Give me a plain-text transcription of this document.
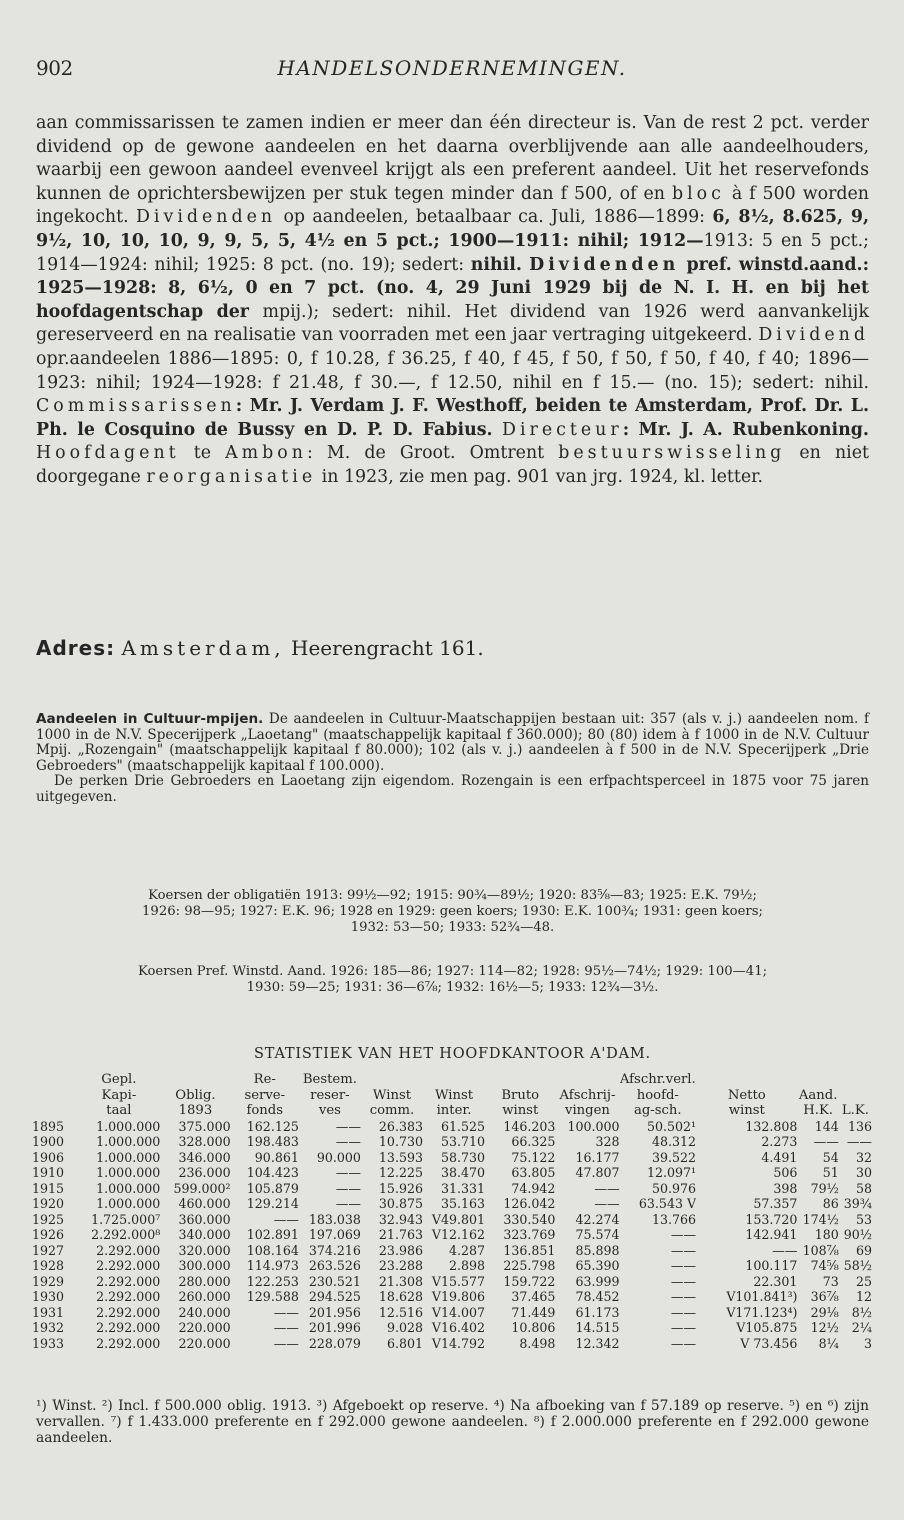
902	HANDELSONDERNEMINGEN.

aan commissarissen te zamen indien er meer dan één directeur is. Van de rest 2 pct. verder dividend op de gewone aandeelen en het daarna overblijvende aan alle aandeelhouders, waarbij een gewoon aandeel evenveel krijgt als een preferent aandeel. Uit het reservefonds kunnen de oprichtersbewijzen per stuk tegen minder dan f 500, of en bloc à f 500 worden ingekocht. Dividenden op aandeelen, betaalbaar ca. Juli, 1886—1899: 6, 8½, 8.625, 9, 9½, 10, 10, 10, 9, 9, 5, 5, 4½ en 5 pct.; 1900—1911: nihil; 1912—1913: 5 en 5 pct.; 1914—1924: nihil; 1925: 8 pct. (no. 19); sedert: nihil. Dividenden pref. winstd.aand.: 1925—1928: 8, 6½, 0 en 7 pct. (no. 4, 29 Juni 1929 bij de N. I. H. en bij het hoofdagentschap der mpij.); sedert: nihil. Het dividend van 1926 werd aanvankelijk gereserveerd en na realisatie van voorraden met een jaar vertraging uitgekeerd. Dividend opr.aandeelen 1886—1895: 0, f 10.28, f 36.25, f 40, f 45, f 50, f 50, f 50, f 40, f 40; 1896—1923: nihil; 1924—1928: f 21.48, f 30.—, f 12.50, nihil en f 15.— (no. 15); sedert: nihil. Commissarissen: Mr. J. Verdam J. F. Westhoff, beiden te Amsterdam, Prof. Dr. L. Ph. le Cosquino de Bussy en D. P. D. Fabius. Directeur: Mr. J. A. Rubenkoning. Hoofdagent te Ambon: M. de Groot. Omtrent bestuurswisseling en niet doorgegane reorganisatie in 1923, zie men pag. 901 van jrg. 1924, kl. letter.

Adres: Amsterdam, Heerengracht 161.

Aandeelen in Cultuur-mpijen. De aandeelen in Cultuur-Maatschappijen bestaan uit: 357 (als v. j.) aandeelen nom. f 1000 in de N.V. Specerijperk „Laoetang" (maatschappelijk kapitaal f 360.000); 80 (80) idem à f 1000 in de N.V. Cultuur Mpij. „Rozengain" (maatschappelijk kapitaal f 80.000); 102 (als v. j.) aandeelen à f 500 in de N.V. Specerijperk „Drie Gebroeders" (maatschappelijk kapitaal f 100.000).

De perken Drie Gebroeders en Laoetang zijn eigendom. Rozengain is een erfpachtsperceel in 1875 voor 75 jaren uitgegeven.

Koersen der obligatiën 1913: 99½—92; 1915: 90¾—89½; 1920: 83⅝—83; 1925: E.K. 79½;
1926: 98—95; 1927: E.K. 96; 1928 en 1929: geen koers; 1930: E.K. 100¾; 1931: geen koers;
1932: 53—50; 1933: 52¾—48.
Koersen Pref. Winstd. Aand. 1926: 185—86; 1927: 114—82; 1928: 95½—74½; 1929: 100—41;
1930: 59—25; 1931: 36—6⅞; 1932: 16½—5; 1933: 12¾—3½.
STATISTIEK VAN HET HOOFDKANTOOR A'DAM.
	Gepl.		Re-	Bestem.					Afschr.verl.			
	Kapi-	Oblig.	serve-	reser-	Winst	Winst	Bruto	Afschrij-	hoofd-	Netto	Aand.	
	taal	1893	fonds	ves	comm.	inter.	winst	vingen	ag-sch.	winst	H.K.	L.K.
1895	1.000.000	375.000	162.125	——	26.383	61.525	146.203	100.000	50.502¹	132.808	144	136
1900	1.000.000	328.000	198.483	——	10.730	53.710	66.325	328	48.312	2.273	——	——
1906	1.000.000	346.000	90.861	90.000	13.593	58.730	75.122	16.177	39.522	4.491	54	32
1910	1.000.000	236.000	104.423	——	12.225	38.470	63.805	47.807	12.097¹	506	51	30
1915	1.000.000	599.000²	105.879	——	15.926	31.331	74.942	——	50.976	398	79½	58
1920	1.000.000	460.000	129.214	——	30.875	35.163	126.042	——	63.543 V	57.357	86	39¾
1925	1.725.000⁷	360.000	——	183.038	32.943	V49.801	330.540	42.274	13.766	153.720	174½	53
1926	2.292.000⁸	340.000	102.891	197.069	21.763	V12.162	323.769	75.574	——	142.941	180	90½
1927	2.292.000	320.000	108.164	374.216	23.986	4.287	136.851	85.898	——	——	108⅞	69
1928	2.292.000	300.000	114.973	263.526	23.288	2.898	225.798	65.390	——	100.117	74⅝	58½
1929	2.292.000	280.000	122.253	230.521	21.308	V15.577	159.722	63.999	——	22.301	73	25
1930	2.292.000	260.000	129.588	294.525	18.628	V19.806	37.465	78.452	——	V101.841³)	36⅞	12
1931	2.292.000	240.000	——	201.956	12.516	V14.007	71.449	61.173	——	V171.123⁴)	29⅛	8½
1932	2.292.000	220.000	——	201.996	9.028	V16.402	10.806	14.515	——	V105.875	12½	2¼
1933	2.292.000	220.000	——	228.079	6.801	V14.792	8.498	12.342	——	V 73.456	8¼	3

¹) Winst. ²) Incl. f 500.000 oblig. 1913. ³) Afgeboekt op reserve. ⁴) Na afboeking van f 57.189 op reserve. ⁵) en ⁶) zijn vervallen. ⁷) f 1.433.000 preferente en f 292.000 gewone aandeelen. ⁸) f 2.000.000 preferente en f 292.000 gewone aandeelen.
